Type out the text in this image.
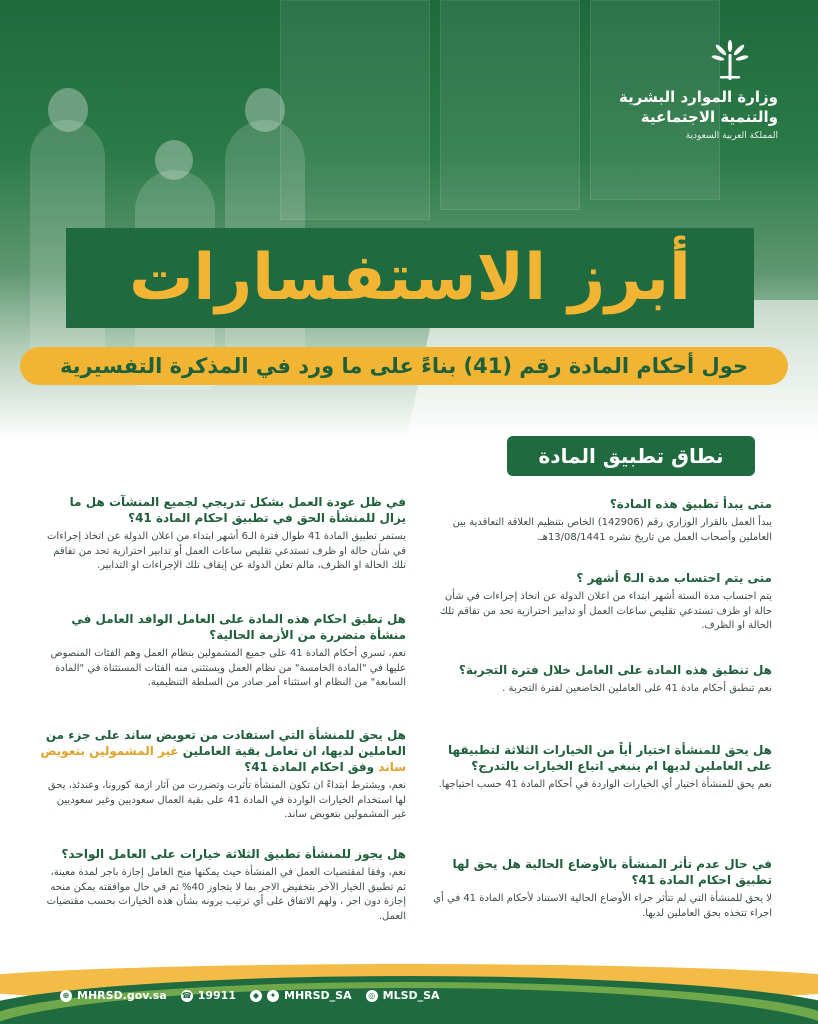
وزارة الموارد البشرية
والتنمية الاجتماعية
المملكة العربية السعودية
أبرز الاستفسارات
حول أحكام المادة رقم (41) بناءً على ما ورد في المذكرة التفسيرية
نطاق تطبيق المادة
متى يبدأ تطبيق هذه المادة؟
يبدأ العمل بالقرار الوزاري رقم (142906) الخاص بتنظيم العلاقة التعاقدية بين العاملين وأصحاب العمل من تاريخ نشره 13/08/1441هـ.
متى يتم احتساب مدة الـ6 أشهر ؟
يتم احتساب مدة الستة أشهر ابتداء من اعلان الدولة عن اتخاذ إجراءات في شأن حالة او ظرف تستدعي تقليص ساعات العمل أو تدابير احترازية تحد من تفاقم تلك الحالة او الظرف.
هل تنطبق هذه المادة على العامل خلال فترة التجربة؟
نعم تنطبق أحكام مادة 41 على العاملين الخاضعين لفترة التجربة .
هل يحق للمنشأة اختيار أياً من الخيارات الثلاثة لتطبيقها على العاملين لديها ام ينبغي اتباع الخيارات بالتدرج؟
نعم يحق للمنشأة اختيار أي الخيارات الواردة في أحكام المادة 41 حسب احتياجها.
في حال عدم تأثر المنشأة بالأوضاع الحالية هل يحق لها تطبيق احكام المادة 41؟
لا يحق للمنشأة التي لم تتأثر جراء الأوضاع الحالية الاستناد لأحكام المادة 41 في أي اجراء تتخذه بحق العاملين لديها.
في ظل عودة العمل بشكل تدريجي لجميع المنشآت هل ما يزال للمنشأة الحق في تطبيق احكام المادة 41؟
يستمر تطبيق المادة 41 طوال فترة الـ6 أشهر ابتداء من اعلان الدولة عن اتخاذ إجراءات في شأن حالة او ظرف تستدعي تقليص ساعات العمل أو تدابير احترازية تحد من تفاقم تلك الحالة او الظرف، مالم تعلن الدولة عن إيقاف تلك الإجراءات او التدابير.
هل تطبق احكام هذه المادة على العامل الوافد العامل في منشأة متضررة من الأزمة الحالية؟
نعم، تسري أحكام المادة 41 على جميع المشمولين بنظام العمل وهم الفئات المنصوص عليها في "المادة الخامسة" من نظام العمل ويستثنى منه الفئات المستثناة في "المادة السابعة" من النظام او استثناء أمر صادر من السلطة التنظيمية.
هل يحق للمنشأة التي استفادت من تعويض ساند على جزء من العاملين لديها، ان تعامل بقية العاملين غير المشمولين بتعويض ساند وفق احكام المادة 41؟
نعم، ويشترط ابتداءً ان تكون المنشأة تأثرت وتضررت من آثار ازمة كورونا، وعندئذ، يحق لها استخدام الخيارات الواردة في المادة 41 على بقية العمال سعوديين وغير سعوديين غير المشمولين بتعويض ساند.
هل يجوز للمنشأة تطبيق الثلاثة خيارات على العامل الواحد؟
نعم، وفقا لمقتضيات العمل في المنشأة حيث يمكنها منح العامل إجازة باجر لمدة معينة، ثم تطبيق الخيار الآخر بتخفيض الاجر بما لا يتجاوز 40% ثم في حال موافقته يمكن منحه إجازة دون اجر ، ولهم الاتفاق على أي ترتيب يرونه بشأن هذه الخيارات بحسب مقتضيات العمل.
⊕ MHRSD.gov.sa ☎ 19911	◆	✦ MHRSD_SA	◎ MLSD_SA
